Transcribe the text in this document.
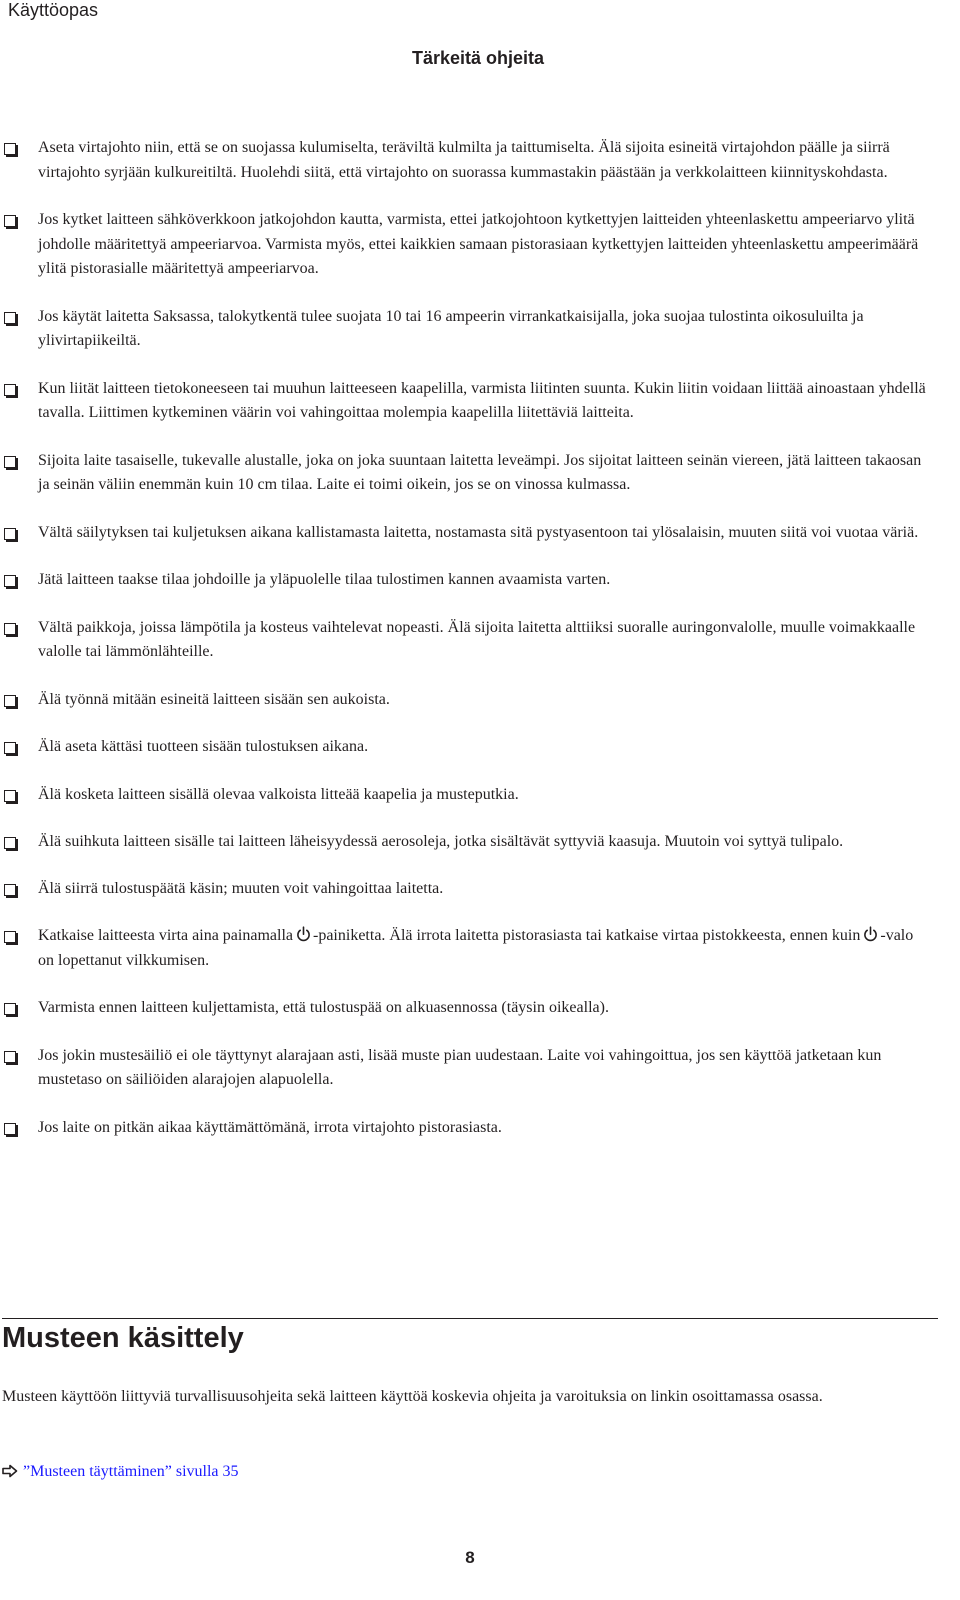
Käyttöopas
Tärkeitä ohjeita
Aseta virtajohto niin, että se on suojassa kulumiselta, teräviltä kulmilta ja taittumiselta. Älä sijoita esineitä virtajohdon päälle ja siirrä virtajohto syrjään kulkureitiltä. Huolehdi siitä, että virtajohto on suorassa kummastakin päästään ja verkkolaitteen kiinnityskohdasta.
Jos kytket laitteen sähköverkkoon jatkojohdon kautta, varmista, ettei jatkojohtoon kytkettyjen laitteiden yhteenlaskettu ampeeriarvo ylitä johdolle määritettyä ampeeriarvoa. Varmista myös, ettei kaikkien samaan pistorasiaan kytkettyjen laitteiden yhteenlaskettu ampeerimäärä ylitä pistorasialle määritettyä ampeeriarvoa.
Jos käytät laitetta Saksassa, talokytkentä tulee suojata 10 tai 16 ampeerin virrankatkaisijalla, joka suojaa tulostinta oikosuluilta ja ylivirtapiikeiltä.
Kun liität laitteen tietokoneeseen tai muuhun laitteeseen kaapelilla, varmista liitinten suunta. Kukin liitin voidaan liittää ainoastaan yhdellä tavalla. Liittimen kytkeminen väärin voi vahingoittaa molempia kaapelilla liitettäviä laitteita.
Sijoita laite tasaiselle, tukevalle alustalle, joka on joka suuntaan laitetta leveämpi. Jos sijoitat laitteen seinän viereen, jätä laitteen takaosan ja seinän väliin enemmän kuin 10 cm tilaa. Laite ei toimi oikein, jos se on vinossa kulmassa.
Vältä säilytyksen tai kuljetuksen aikana kallistamasta laitetta, nostamasta sitä pystyasentoon tai ylösalaisin, muuten siitä voi vuotaa väriä.
Jätä laitteen taakse tilaa johdoille ja yläpuolelle tilaa tulostimen kannen avaamista varten.
Vältä paikkoja, joissa lämpötila ja kosteus vaihtelevat nopeasti. Älä sijoita laitetta alttiiksi suoralle auringonvalolle, muulle voimakkaalle valolle tai lämmönlähteille.
Älä työnnä mitään esineitä laitteen sisään sen aukoista.
Älä aseta kättäsi tuotteen sisään tulostuksen aikana.
Älä kosketa laitteen sisällä olevaa valkoista litteää kaapelia ja musteputkia.
Älä suihkuta laitteen sisälle tai laitteen läheisyydessä aerosoleja, jotka sisältävät syttyviä kaasuja. Muutoin voi syttyä tulipalo.
Älä siirrä tulostuspäätä käsin; muuten voit vahingoittaa laitetta.
Katkaise laitteesta virta aina painamalla -painiketta. Älä irrota laitetta pistorasiasta tai katkaise virtaa pistokkeesta, ennen kuin -valo on lopettanut vilkkumisen.
Varmista ennen laitteen kuljettamista, että tulostuspää on alkuasennossa (täysin oikealla).
Jos jokin mustesäiliö ei ole täyttynyt alarajaan asti, lisää muste pian uudestaan. Laite voi vahingoittua, jos sen käyttöä jatketaan kun mustetaso on säiliöiden alarajojen alapuolella.
Jos laite on pitkän aikaa käyttämättömänä, irrota virtajohto pistorasiasta.
Musteen käsittely
Musteen käyttöön liittyviä turvallisuusohjeita sekä laitteen käyttöä koskevia ohjeita ja varoituksia on linkin osoittamassa osassa.
”Musteen täyttäminen” sivulla 35
8
